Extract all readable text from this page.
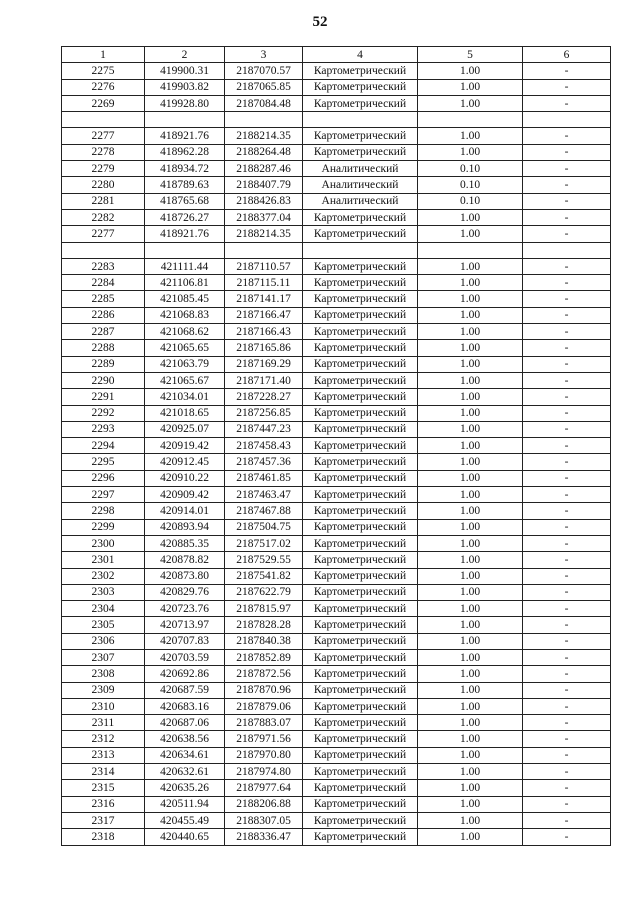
52
1	2	3	4	5	6
2275	419900.31	2187070.57	Картометрический	1.00	-
2276	419903.82	2187065.85	Картометрический	1.00	-
2269	419928.80	2187084.48	Картометрический	1.00	-

2277	418921.76	2188214.35	Картометрический	1.00	-
2278	418962.28	2188264.48	Картометрический	1.00	-
2279	418934.72	2188287.46	Аналитический	0.10	-
2280	418789.63	2188407.79	Аналитический	0.10	-
2281	418765.68	2188426.83	Аналитический	0.10	-
2282	418726.27	2188377.04	Картометрический	1.00	-
2277	418921.76	2188214.35	Картометрический	1.00	-

2283	421111.44	2187110.57	Картометрический	1.00	-
2284	421106.81	2187115.11	Картометрический	1.00	-
2285	421085.45	2187141.17	Картометрический	1.00	-
2286	421068.83	2187166.47	Картометрический	1.00	-
2287	421068.62	2187166.43	Картометрический	1.00	-
2288	421065.65	2187165.86	Картометрический	1.00	-
2289	421063.79	2187169.29	Картометрический	1.00	-
2290	421065.67	2187171.40	Картометрический	1.00	-
2291	421034.01	2187228.27	Картометрический	1.00	-
2292	421018.65	2187256.85	Картометрический	1.00	-
2293	420925.07	2187447.23	Картометрический	1.00	-
2294	420919.42	2187458.43	Картометрический	1.00	-
2295	420912.45	2187457.36	Картометрический	1.00	-
2296	420910.22	2187461.85	Картометрический	1.00	-
2297	420909.42	2187463.47	Картометрический	1.00	-
2298	420914.01	2187467.88	Картометрический	1.00	-
2299	420893.94	2187504.75	Картометрический	1.00	-
2300	420885.35	2187517.02	Картометрический	1.00	-
2301	420878.82	2187529.55	Картометрический	1.00	-
2302	420873.80	2187541.82	Картометрический	1.00	-
2303	420829.76	2187622.79	Картометрический	1.00	-
2304	420723.76	2187815.97	Картометрический	1.00	-
2305	420713.97	2187828.28	Картометрический	1.00	-
2306	420707.83	2187840.38	Картометрический	1.00	-
2307	420703.59	2187852.89	Картометрический	1.00	-
2308	420692.86	2187872.56	Картометрический	1.00	-
2309	420687.59	2187870.96	Картометрический	1.00	-
2310	420683.16	2187879.06	Картометрический	1.00	-
2311	420687.06	2187883.07	Картометрический	1.00	-
2312	420638.56	2187971.56	Картометрический	1.00	-
2313	420634.61	2187970.80	Картометрический	1.00	-
2314	420632.61	2187974.80	Картометрический	1.00	-
2315	420635.26	2187977.64	Картометрический	1.00	-
2316	420511.94	2188206.88	Картометрический	1.00	-
2317	420455.49	2188307.05	Картометрический	1.00	-
2318	420440.65	2188336.47	Картометрический	1.00	-
